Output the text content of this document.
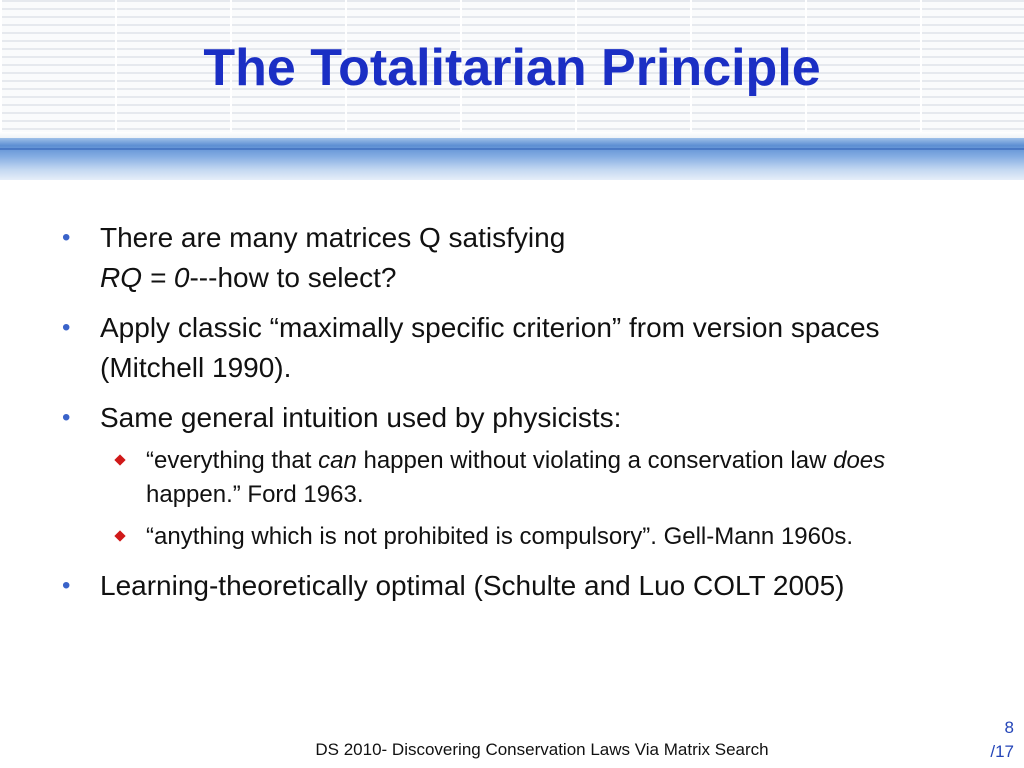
The Totalitarian Principle
• There are many matrices Q satisfying
RQ = 0---how to select?
• Apply classic “maximally specific criterion” from version spaces (Mitchell 1990).
• Same general intuition used by physicists:
“everything that can happen without violating a conservation law does happen.” Ford 1963.
“anything which is not prohibited is compulsory”. Gell-Mann 1960s.
• Learning-theoretically optimal (Schulte and Luo COLT 2005)
DS 2010- Discovering Conservation Laws Via Matrix Search
8
/17
